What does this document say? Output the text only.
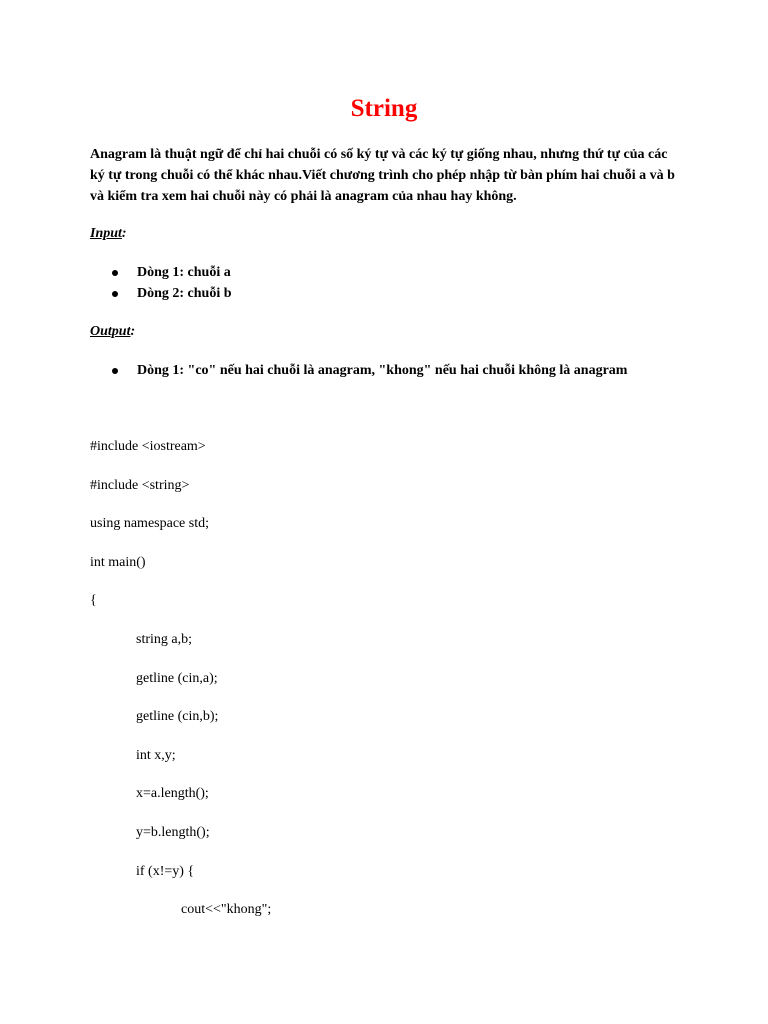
String

Anagram là thuật ngữ để chỉ hai chuỗi có số ký tự và các ký tự giống nhau, nhưng thứ tự của các ký tự trong chuỗi có thể khác nhau.Viết chương trình cho phép nhập từ bàn phím hai chuỗi a và b và kiểm tra xem hai chuỗi này có phải là anagram của nhau hay không.

Input:

Dòng 1: chuỗi a
Dòng 2: chuỗi b

Output:

Dòng 1: "co" nếu hai chuỗi là anagram, "khong" nếu hai chuỗi không là anagram
#include <iostream>
#include <string>
using namespace std;
int main()
{
string a,b;
getline (cin,a);
getline (cin,b);
int x,y;
x=a.length();
y=b.length();
if (x!=y) {
cout<<"khong";
